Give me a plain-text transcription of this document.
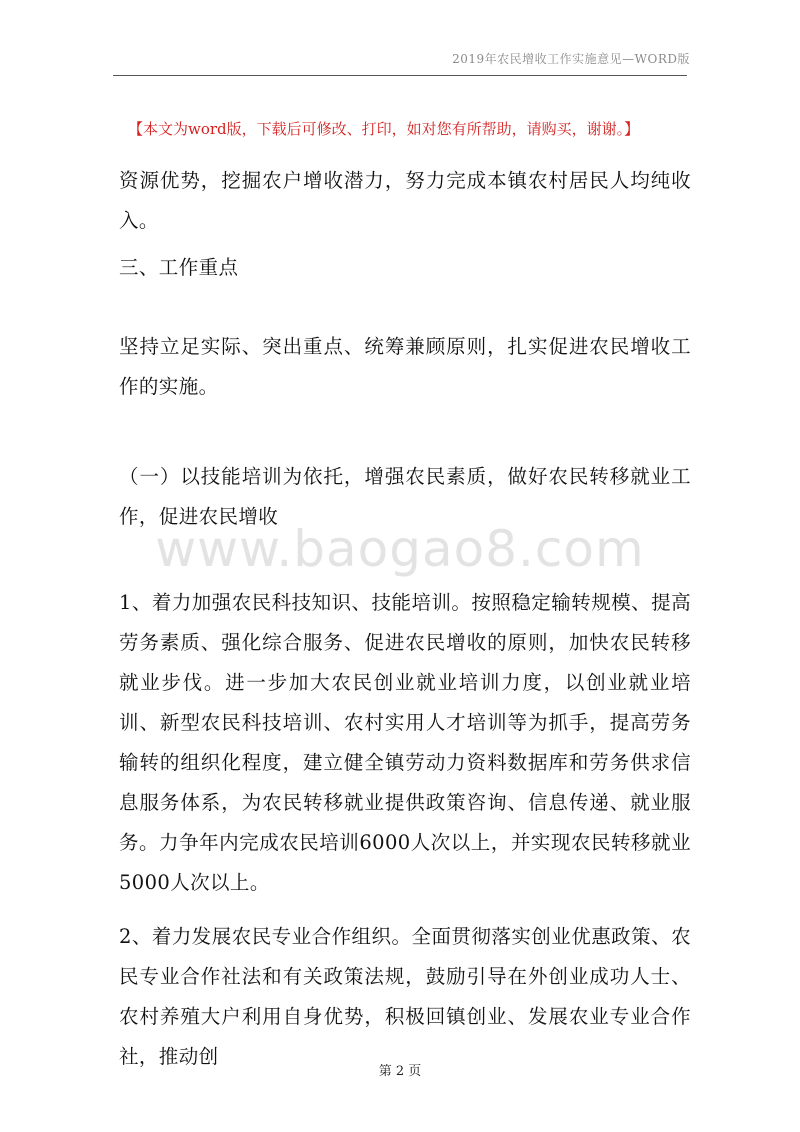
2019年农民增收工作实施意见—WORD版
【本文为word版，下载后可修改、打印，如对您有所帮助，请购买，谢谢。】

资源优势，挖掘农户增收潜力，努力完成本镇农村居民人均纯收入。

三、工作重点

坚持立足实际、突出重点、统筹兼顾原则，扎实促进农民增收工作的实施。

（一）以技能培训为依托，增强农民素质，做好农民转移就业工作，促进农民增收

1、着力加强农民科技知识、技能培训。按照稳定输转规模、提高劳务素质、强化综合服务、促进农民增收的原则，加快农民转移就业步伐。进一步加大农民创业就业培训力度，以创业就业培训、新型农民科技培训、农村实用人才培训等为抓手，提高劳务输转的组织化程度，建立健全镇劳动力资料数据库和劳务供求信息服务体系，为农民转移就业提供政策咨询、信息传递、就业服务。力争年内完成农民培训6000人次以上，并实现农民转移就业5000人次以上。

2、着力发展农民专业合作组织。全面贯彻落实创业优惠政策、农民专业合作社法和有关政策法规，鼓励引导在外创业成功人士、农村养殖大户利用自身优势，积极回镇创业、发展农业专业合作社，推动创

www.baogao8.com
第 2 页
